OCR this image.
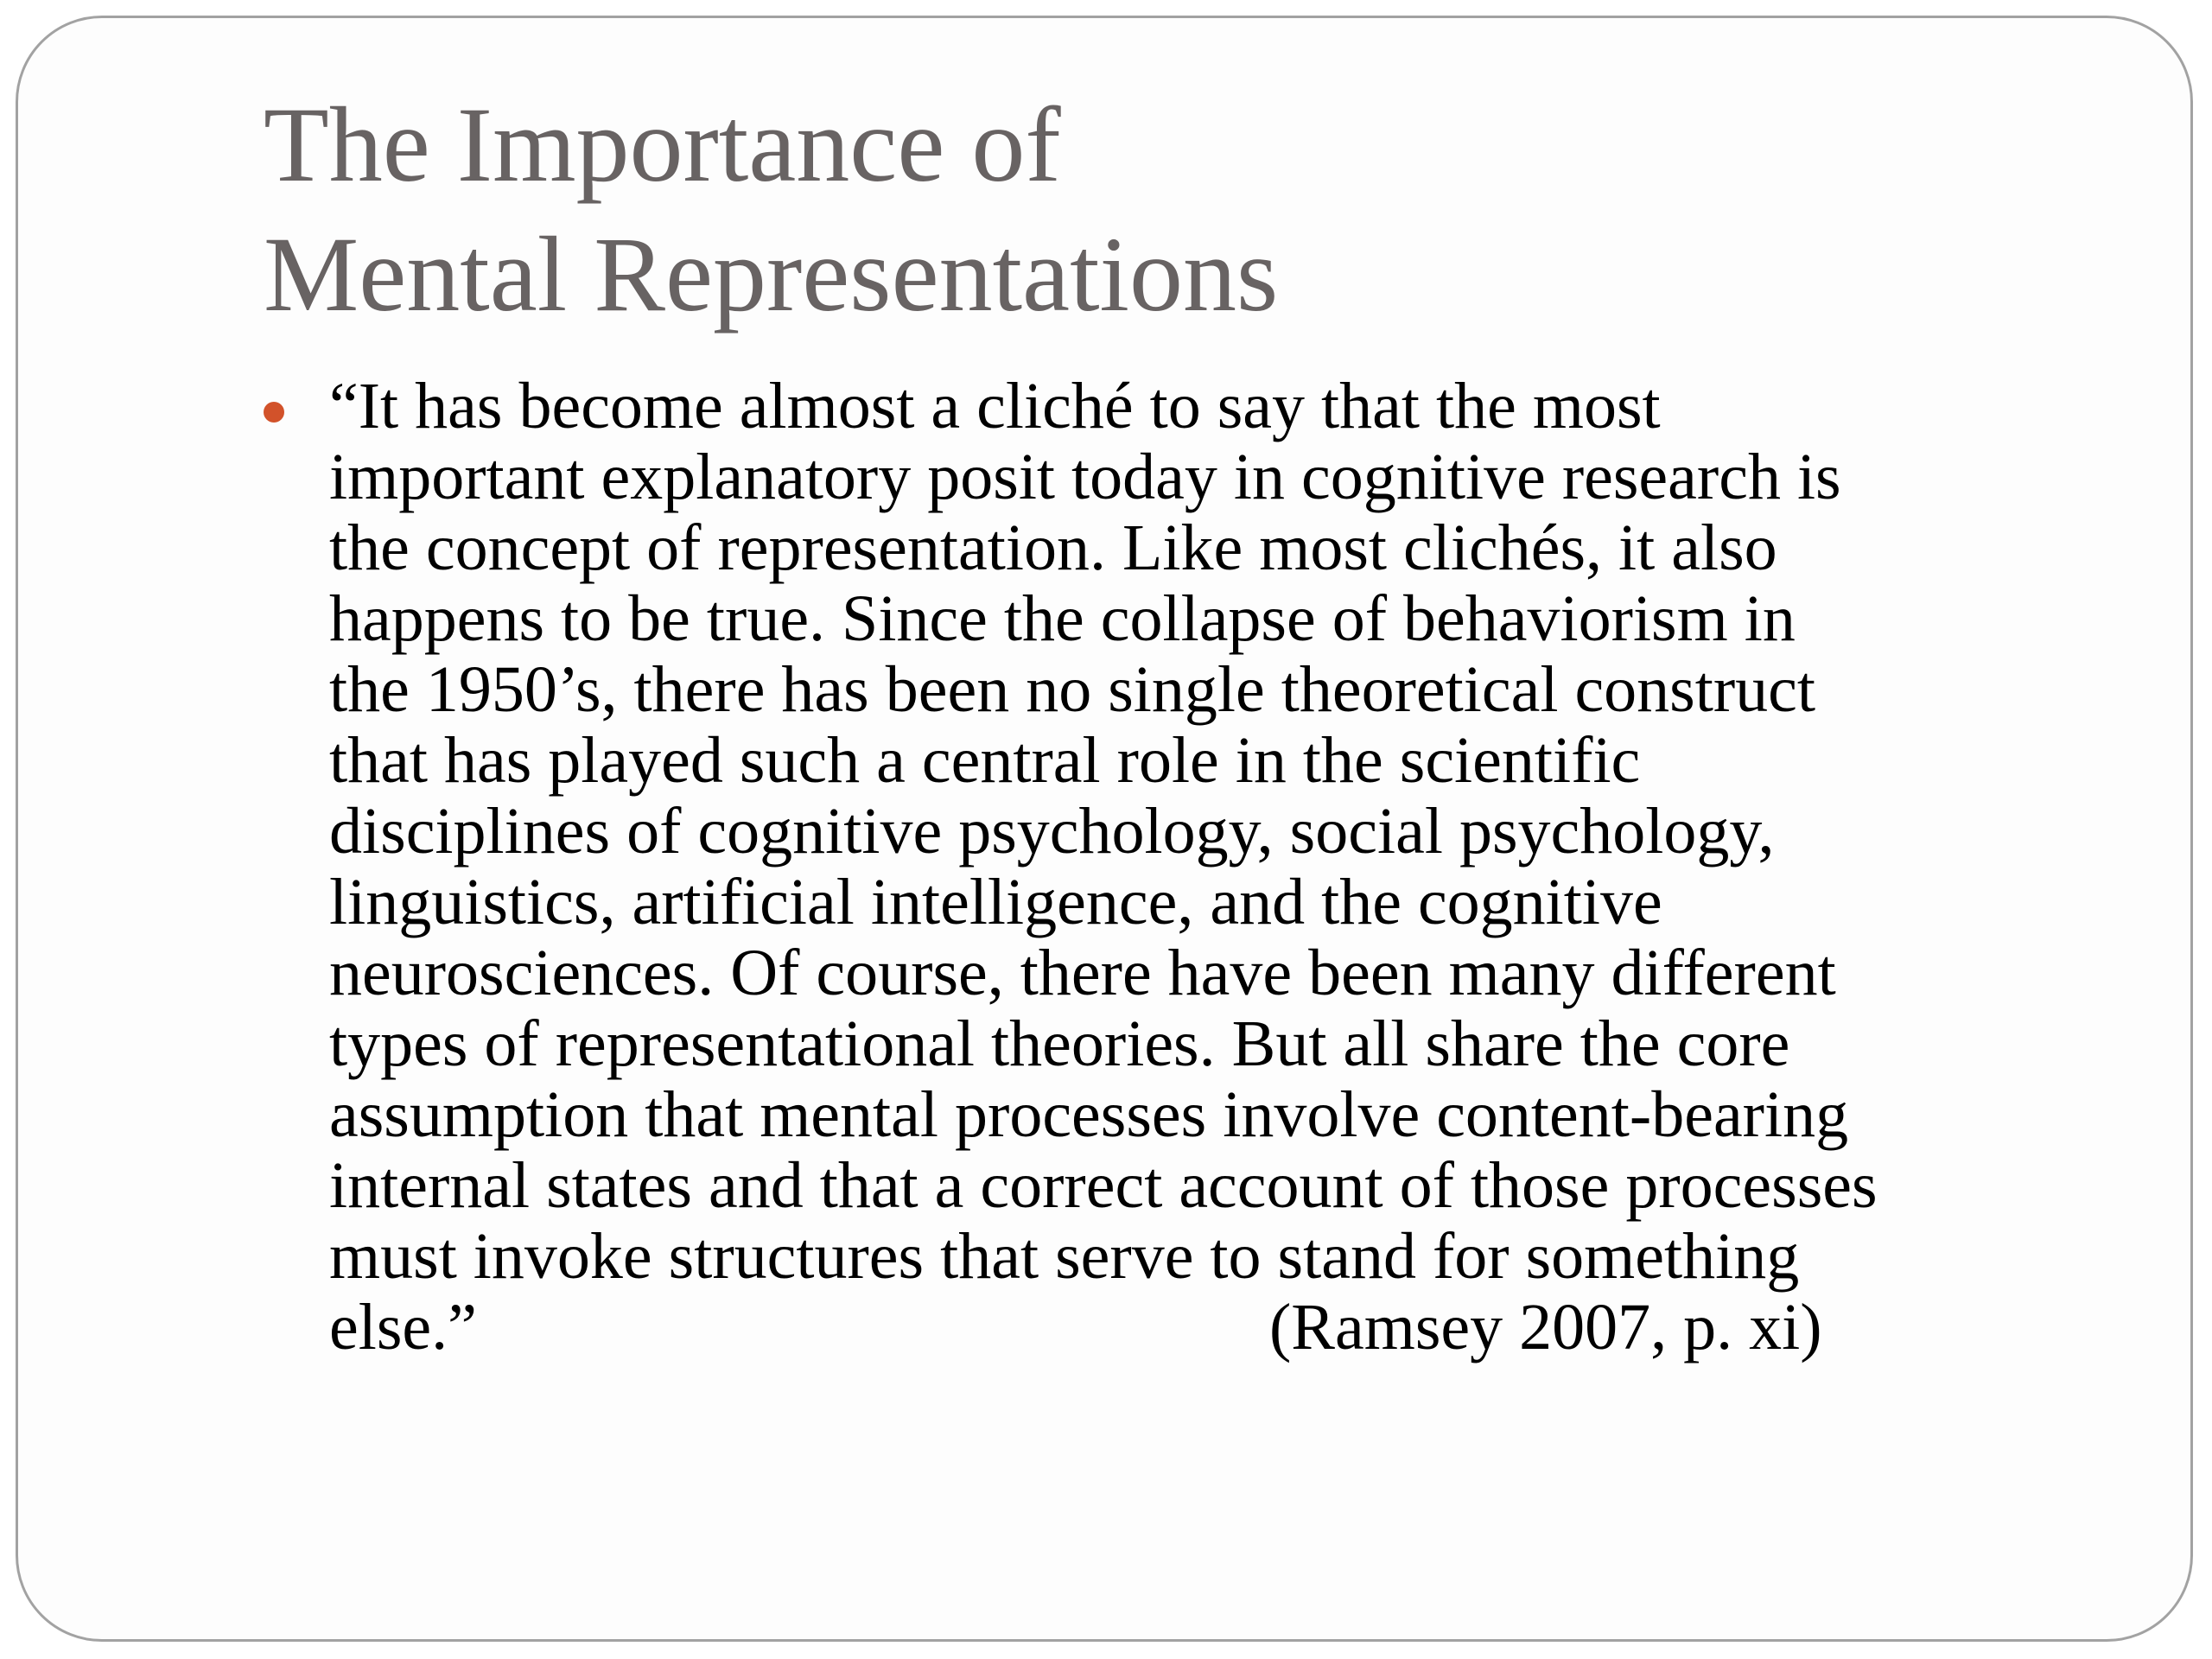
The Importance of
Mental Representations

“It has become almost a cliché to say that the most
important explanatory posit today in cognitive research is
the concept of representation. Like most clichés, it also
happens to be true. Since the collapse of behaviorism in
the 1950’s, there has been no single theoretical construct
that has played such a central role in the scientific
disciplines of cognitive psychology, social psychology,
linguistics, artificial intelligence, and the cognitive
neurosciences. Of course, there have been many different
types of representational theories. But all share the core
assumption that mental processes involve content-bearing
internal states and that a correct account of those processes
must invoke structures that serve to stand for something
else.”	(Ramsey 2007, p. xi)
